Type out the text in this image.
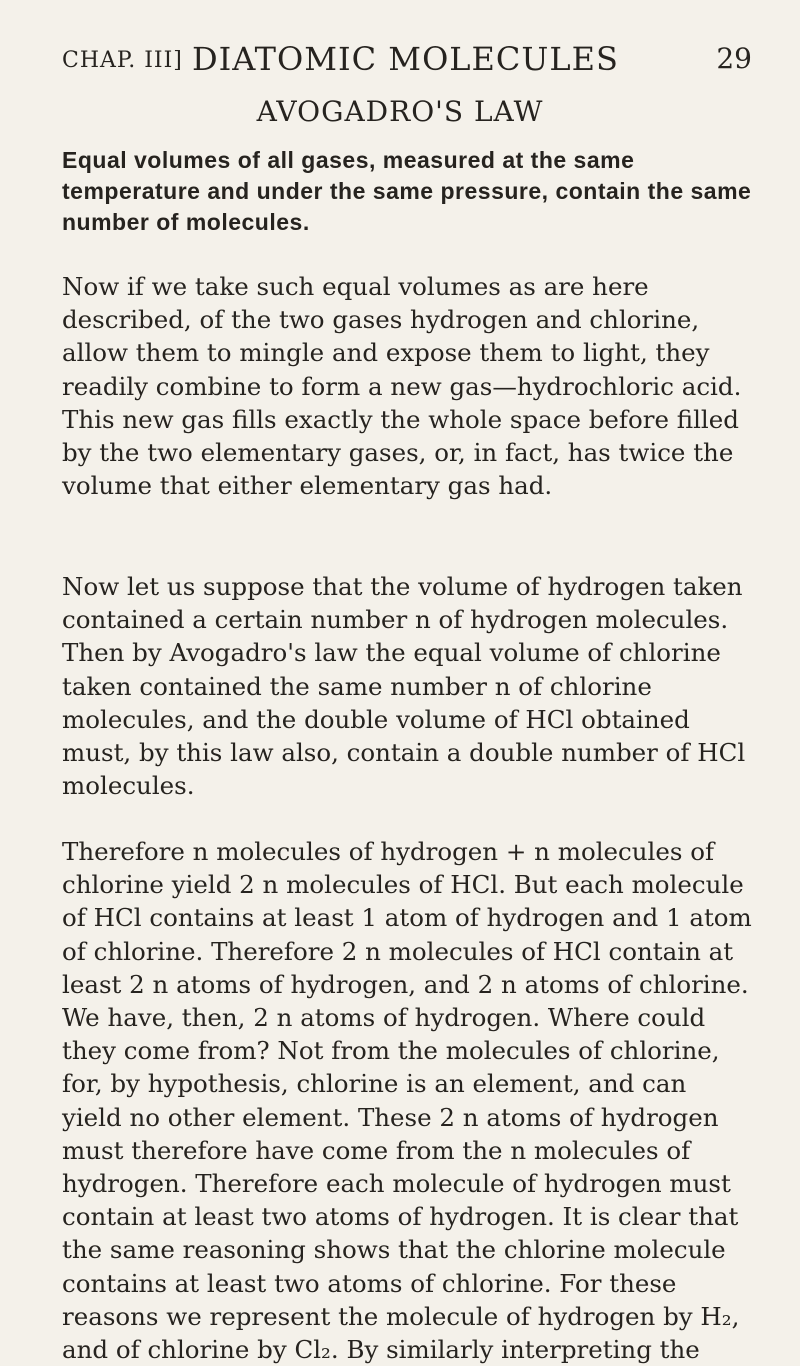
CHAP. III] DIATOMIC MOLECULES	29
AVOGADRO'S LAW
Equal volumes of all gases, measured at the same temperature and under the same pressure, contain the same number of molecules.
Now if we take such equal volumes as are here described, of the two gases hydrogen and chlorine, allow them to mingle and expose them to light, they readily combine to form a new gas—hydrochloric acid. This new gas fills exactly the whole space before filled by the two elementary gases, or, in fact, has twice the volume that either elementary gas had.
Now let us suppose that the volume of hydrogen taken contained a certain number n of hydrogen molecules. Then by Avogadro's law the equal volume of chlorine taken contained the same number n of chlorine molecules, and the double volume of HCl obtained must, by this law also, contain a double number of HCl molecules.
Therefore n molecules of hydrogen + n molecules of chlorine yield 2 n molecules of HCl. But each molecule of HCl contains at least 1 atom of hydrogen and 1 atom of chlorine. Therefore 2 n molecules of HCl contain at least 2 n atoms of hydrogen, and 2 n atoms of chlorine. We have, then, 2 n atoms of hydrogen. Where could they come from? Not from the molecules of chlorine, for, by hypothesis, chlorine is an element, and can yield no other element. These 2 n atoms of hydrogen must therefore have come from the n molecules of hydrogen. Therefore each molecule of hydrogen must contain at least two atoms of hydrogen. It is clear that the same reasoning shows that the chlorine molecule contains at least two atoms of chlorine. For these reasons we represent the molecule of hydrogen by H₂, and of chlorine by Cl₂. By similarly interpreting the
